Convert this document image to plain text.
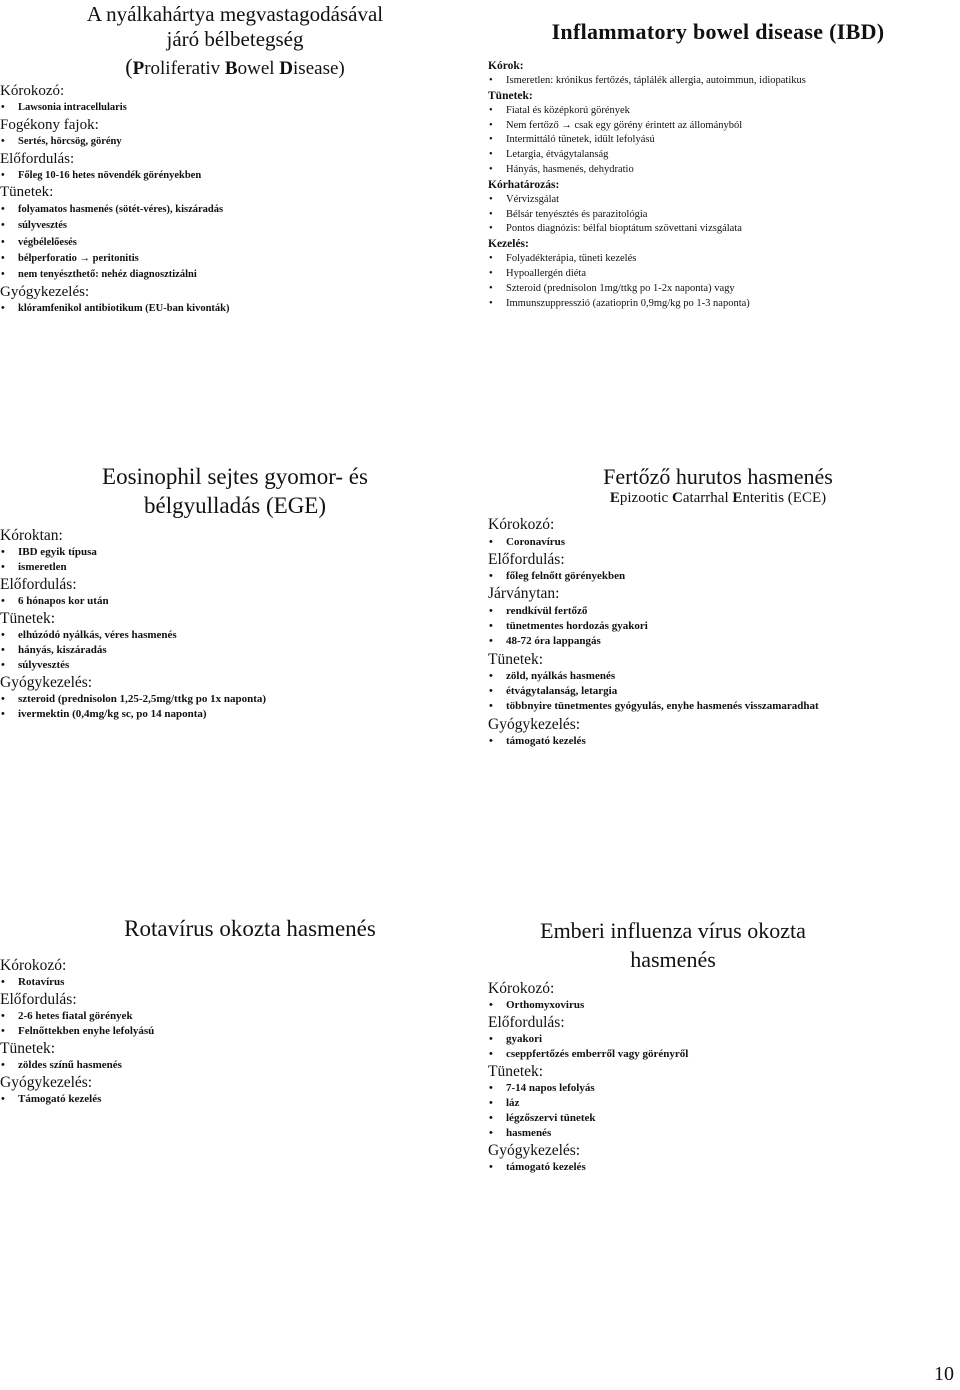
A nyálkahártya megvastagodásával
járó bélbetegség

(Proliferativ Bowel Disease)

Kórokozó:

• Lawsonia intracellularis

Fogékony fajok:

• Sertés, hörcsög, görény

Előfordulás:

• Főleg 10-16 hetes növendék görényekben

Tünetek:

• folyamatos hasmenés (sötét-véres), kiszáradás
• súlyvesztés
• végbélelőesés
• bélperforatio → peritonitis
• nem tenyészthető: nehéz diagnosztizálni

Gyógykezelés:

• klóramfenikol antibiotikum (EU-ban kivonták)

Inflammatory bowel disease (IBD)

Kórok:

• Ismeretlen: krónikus fertőzés, táplálék allergia, autoimmun, idiopatikus

Tünetek:

• Fiatal és középkorú görények
• Nem fertőző → csak egy görény érintett az állományból
• Intermittáló tünetek, idült lefolyású
• Letargia, étvágytalanság
• Hányás, hasmenés, dehydratio

Kórhatározás:

• Vérvizsgálat
• Bélsár tenyésztés és parazitológia
• Pontos diagnózis: bélfal bioptátum szövettani vizsgálata

Kezelés:

• Folyadékterápia, tüneti kezelés
• Hypoallergén diéta
• Szteroid (prednisolon 1mg/ttkg po 1-2x naponta) vagy
• Immunszuppresszió (azatioprin 0,9mg/kg po 1-3 naponta)

Eosinophil sejtes gyomor- és
bélgyulladás (EGE)

Kóroktan:

• IBD egyik típusa
• ismeretlen

Előfordulás:

• 6 hónapos kor után

Tünetek:

• elhúzódó nyálkás, véres hasmenés
• hányás, kiszáradás
• súlyvesztés

Gyógykezelés:

• szteroid (prednisolon 1,25-2,5mg/ttkg po 1x naponta)
• ivermektin (0,4mg/kg sc, po 14 naponta)

Fertőző hurutos hasmenés

Epizootic Catarrhal Enteritis (ECE)

Kórokozó:

• Coronavírus

Előfordulás:

• főleg felnőtt görényekben

Járványtan:

• rendkívül fertőző
• tünetmentes hordozás gyakori
• 48-72 óra lappangás

Tünetek:

• zöld, nyálkás hasmenés
• étvágytalanság, letargia
• többnyire tünetmentes gyógyulás, enyhe hasmenés visszamaradhat

Gyógykezelés:

• támogató kezelés

Rotavírus okozta hasmenés

Kórokozó:

• Rotavírus

Előfordulás:

• 2-6 hetes fiatal görények
• Felnőttekben enyhe lefolyású

Tünetek:

• zöldes színű hasmenés

Gyógykezelés:

• Támogató kezelés

Emberi influenza vírus okozta
hasmenés

Kórokozó:

• Orthomyxovirus

Előfordulás:

• gyakori
• cseppfertőzés emberről vagy görényről

Tünetek:

• 7-14 napos lefolyás
• láz
• légzőszervi tünetek
• hasmenés

Gyógykezelés:

• támogató kezelés
10
